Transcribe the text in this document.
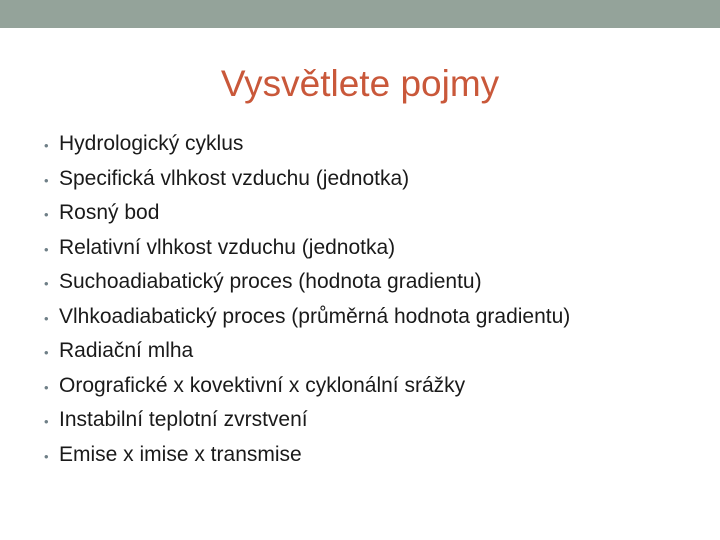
Vysvětlete pojmy
• Hydrologický cyklus
• Specifická vlhkost vzduchu (jednotka)
• Rosný bod
• Relativní vlhkost vzduchu (jednotka)
• Suchoadiabatický proces (hodnota gradientu)
• Vlhkoadiabatický proces (průměrná hodnota gradientu)
• Radiační mlha
• Orografické x kovektivní x cyklonální srážky
• Instabilní teplotní zvrstvení
• Emise x imise x transmise
